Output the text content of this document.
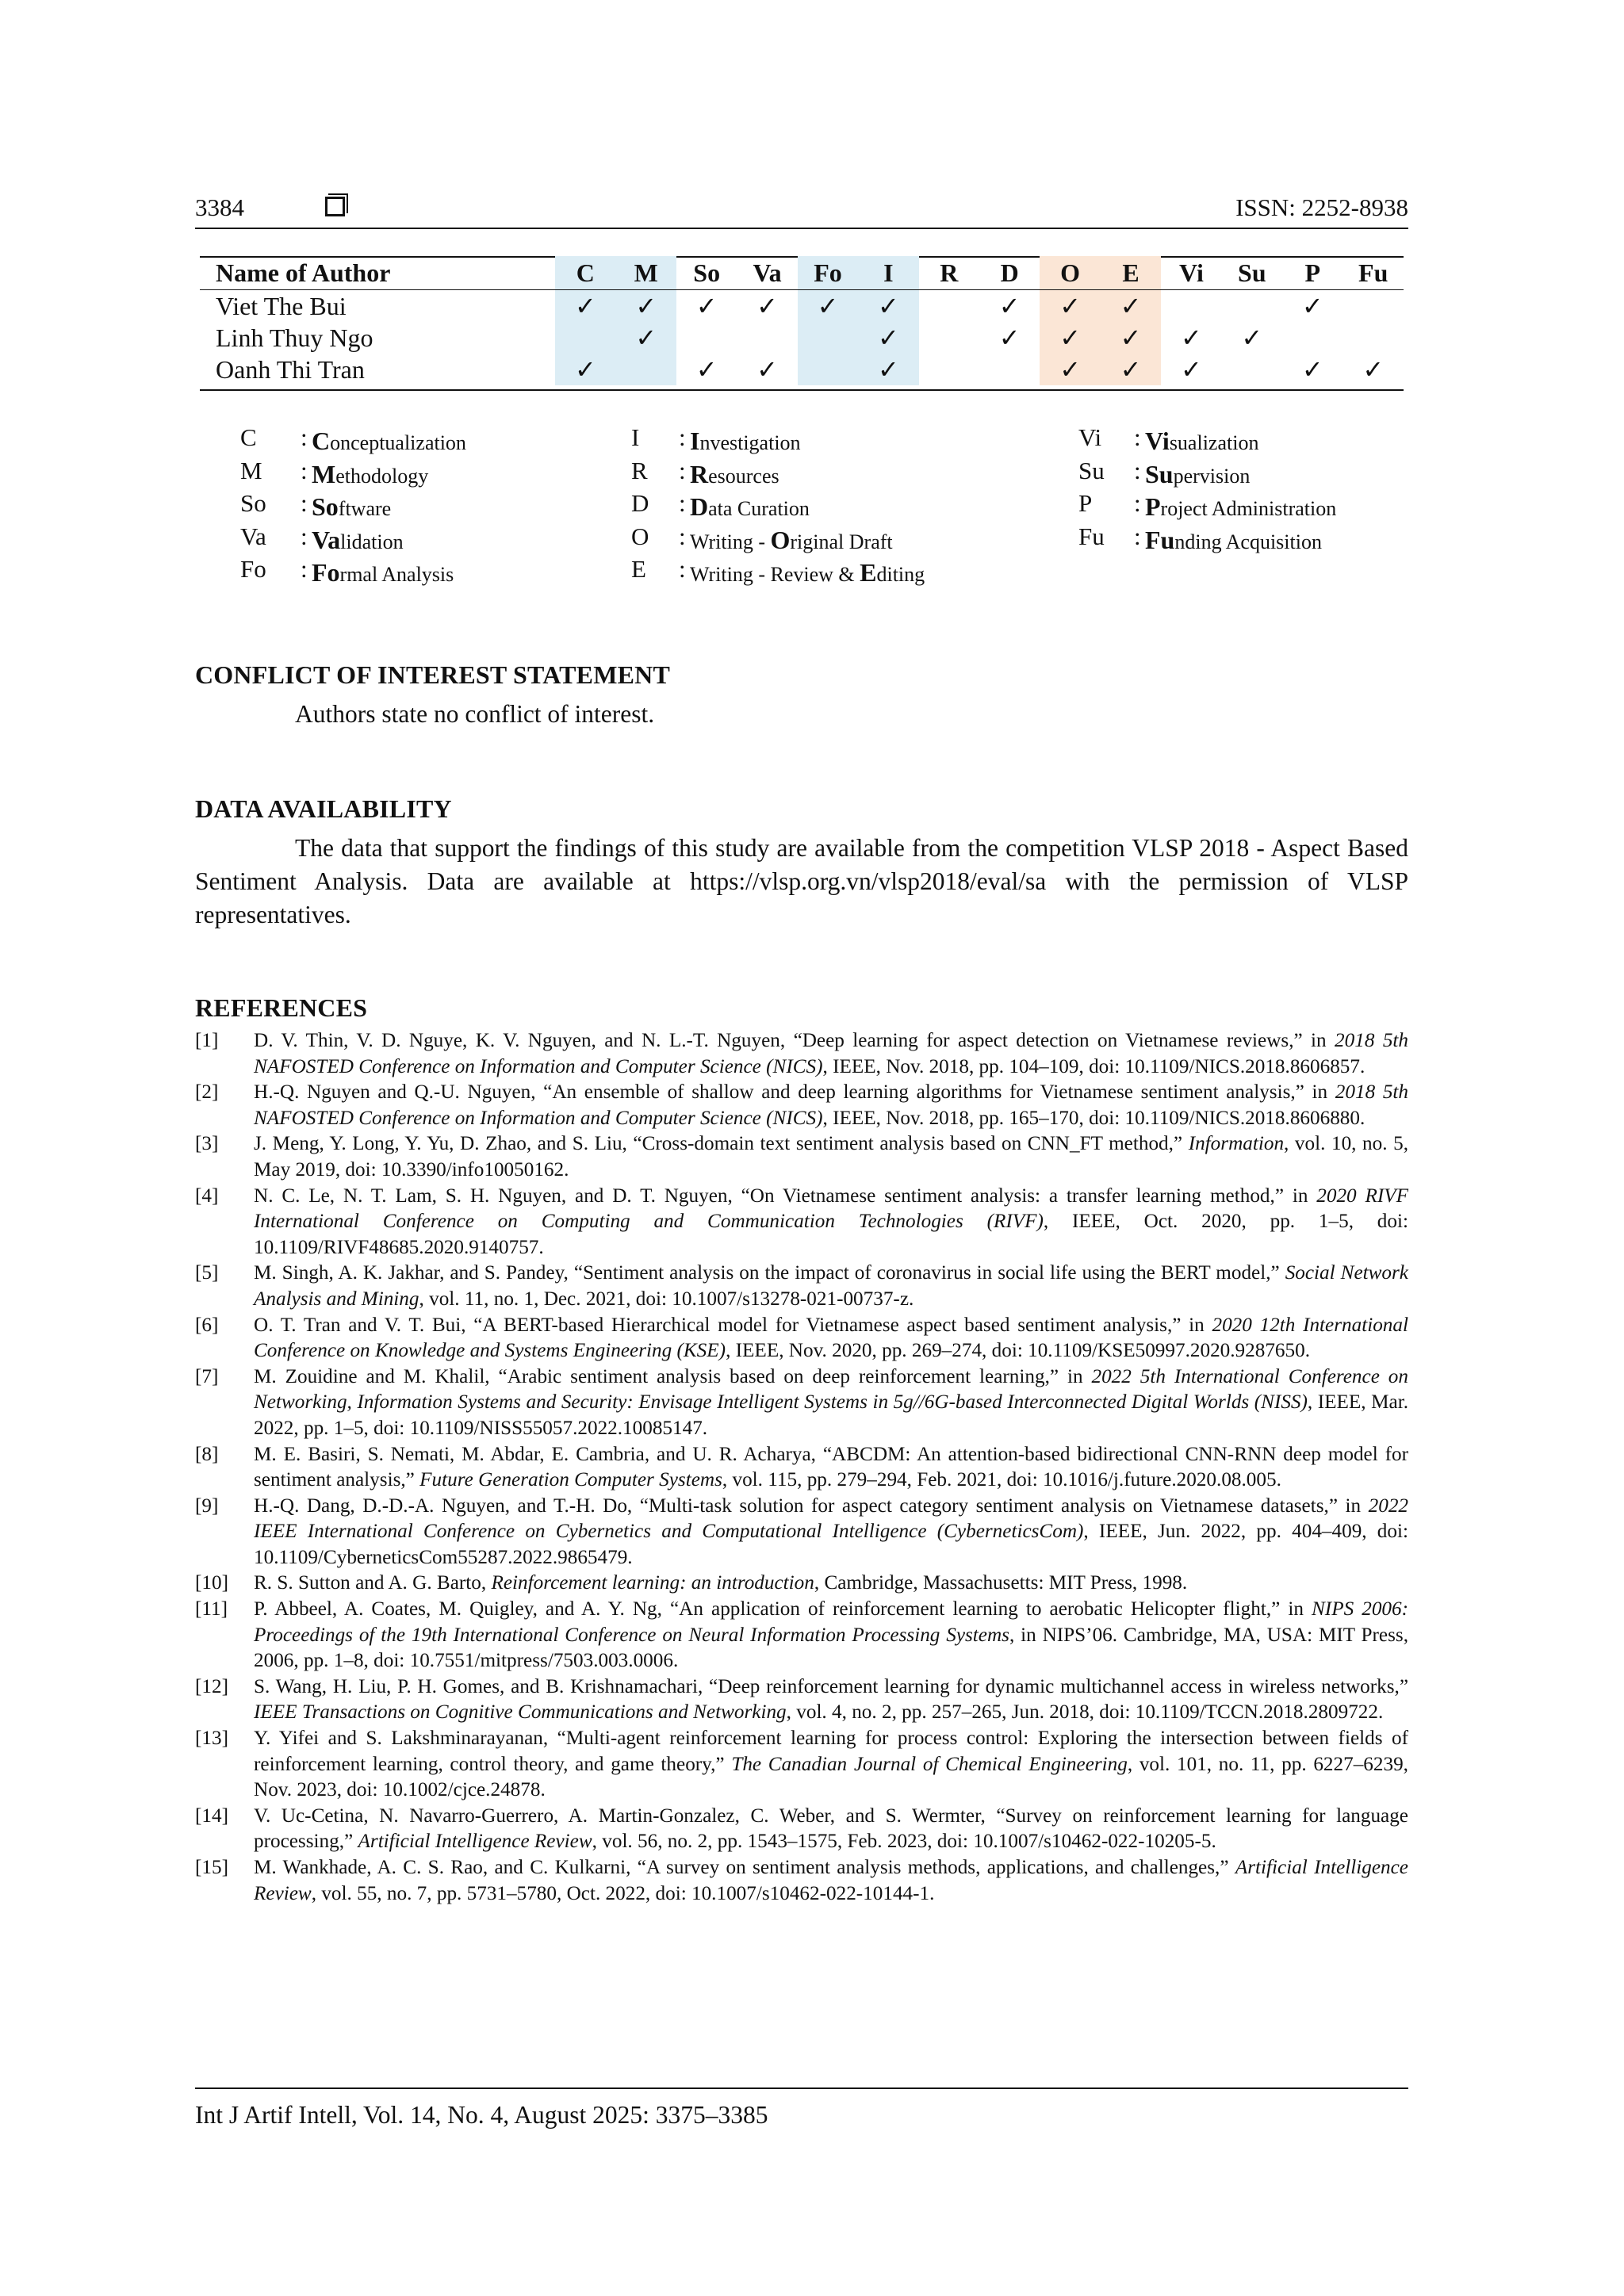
3384	ISSN: 2252-8938
Name of Author	C	M	So	Va	Fo	I	R	D	O	E	Vi	Su	P	Fu
Viet The Bui	✓	✓	✓	✓	✓	✓		✓	✓	✓			✓	
Linh Thuy Ngo		✓				✓		✓	✓	✓	✓	✓		
Oanh Thi Tran	✓		✓	✓		✓			✓	✓	✓		✓	✓
C : Conceptualization
M : Methodology
So : Software
Va : Validation
Fo : Formal Analysis
I : Investigation
R : Resources
D : Data Curation
O : Writing - Original Draft
E : Writing - Review & Editing
Vi : Visualization
Su : Supervision
P : Project Administration
Fu : Funding Acquisition
CONFLICT OF INTEREST STATEMENT
Authors state no conflict of interest.
DATA AVAILABILITY
The data that support the findings of this study are available from the competition VLSP 2018 - Aspect Based Sentiment Analysis. Data are available at https://vlsp.org.vn/vlsp2018/eval/sa with the permission of VLSP representatives.
REFERENCES
[1] D. V. Thin, V. D. Nguye, K. V. Nguyen, and N. L.-T. Nguyen, “Deep learning for aspect detection on Vietnamese reviews,” in 2018 5th NAFOSTED Conference on Information and Computer Science (NICS), IEEE, Nov. 2018, pp. 104–109, doi: 10.1109/NICS.2018.8606857.
[2] H.-Q. Nguyen and Q.-U. Nguyen, “An ensemble of shallow and deep learning algorithms for Vietnamese sentiment analysis,” in 2018 5th NAFOSTED Conference on Information and Computer Science (NICS), IEEE, Nov. 2018, pp. 165–170, doi: 10.1109/NICS.2018.8606880.
[3] J. Meng, Y. Long, Y. Yu, D. Zhao, and S. Liu, “Cross-domain text sentiment analysis based on CNN_FT method,” Information, vol. 10, no. 5, May 2019, doi: 10.3390/info10050162.
[4] N. C. Le, N. T. Lam, S. H. Nguyen, and D. T. Nguyen, “On Vietnamese sentiment analysis: a transfer learning method,” in 2020 RIVF International Conference on Computing and Communication Technologies (RIVF), IEEE, Oct. 2020, pp. 1–5, doi: 10.1109/RIVF48685.2020.9140757.
[5] M. Singh, A. K. Jakhar, and S. Pandey, “Sentiment analysis on the impact of coronavirus in social life using the BERT model,” Social Network Analysis and Mining, vol. 11, no. 1, Dec. 2021, doi: 10.1007/s13278-021-00737-z.
[6] O. T. Tran and V. T. Bui, “A BERT-based Hierarchical model for Vietnamese aspect based sentiment analysis,” in 2020 12th International Conference on Knowledge and Systems Engineering (KSE), IEEE, Nov. 2020, pp. 269–274, doi: 10.1109/KSE50997.2020.9287650.
[7] M. Zouidine and M. Khalil, “Arabic sentiment analysis based on deep reinforcement learning,” in 2022 5th International Conference on Networking, Information Systems and Security: Envisage Intelligent Systems in 5g//6G-based Interconnected Digital Worlds (NISS), IEEE, Mar. 2022, pp. 1–5, doi: 10.1109/NISS55057.2022.10085147.
[8] M. E. Basiri, S. Nemati, M. Abdar, E. Cambria, and U. R. Acharya, “ABCDM: An attention-based bidirectional CNN-RNN deep model for sentiment analysis,” Future Generation Computer Systems, vol. 115, pp. 279–294, Feb. 2021, doi: 10.1016/j.future.2020.08.005.
[9] H.-Q. Dang, D.-D.-A. Nguyen, and T.-H. Do, “Multi-task solution for aspect category sentiment analysis on Vietnamese datasets,” in 2022 IEEE International Conference on Cybernetics and Computational Intelligence (CyberneticsCom), IEEE, Jun. 2022, pp. 404–409, doi: 10.1109/CyberneticsCom55287.2022.9865479.
[10] R. S. Sutton and A. G. Barto, Reinforcement learning: an introduction, Cambridge, Massachusetts: MIT Press, 1998.
[11] P. Abbeel, A. Coates, M. Quigley, and A. Y. Ng, “An application of reinforcement learning to aerobatic Helicopter flight,” in NIPS 2006: Proceedings of the 19th International Conference on Neural Information Processing Systems, in NIPS’06. Cambridge, MA, USA: MIT Press, 2006, pp. 1–8, doi: 10.7551/mitpress/7503.003.0006.
[12] S. Wang, H. Liu, P. H. Gomes, and B. Krishnamachari, “Deep reinforcement learning for dynamic multichannel access in wireless networks,” IEEE Transactions on Cognitive Communications and Networking, vol. 4, no. 2, pp. 257–265, Jun. 2018, doi: 10.1109/TCCN.2018.2809722.
[13] Y. Yifei and S. Lakshminarayanan, “Multi-agent reinforcement learning for process control: Exploring the intersection between fields of reinforcement learning, control theory, and game theory,” The Canadian Journal of Chemical Engineering, vol. 101, no. 11, pp. 6227–6239, Nov. 2023, doi: 10.1002/cjce.24878.
[14] V. Uc-Cetina, N. Navarro-Guerrero, A. Martin-Gonzalez, C. Weber, and S. Wermter, “Survey on reinforcement learning for language processing,” Artificial Intelligence Review, vol. 56, no. 2, pp. 1543–1575, Feb. 2023, doi: 10.1007/s10462-022-10205-5.
[15] M. Wankhade, A. C. S. Rao, and C. Kulkarni, “A survey on sentiment analysis methods, applications, and challenges,” Artificial Intelligence Review, vol. 55, no. 7, pp. 5731–5780, Oct. 2022, doi: 10.1007/s10462-022-10144-1.
Int J Artif Intell, Vol. 14, No. 4, August 2025: 3375–3385
